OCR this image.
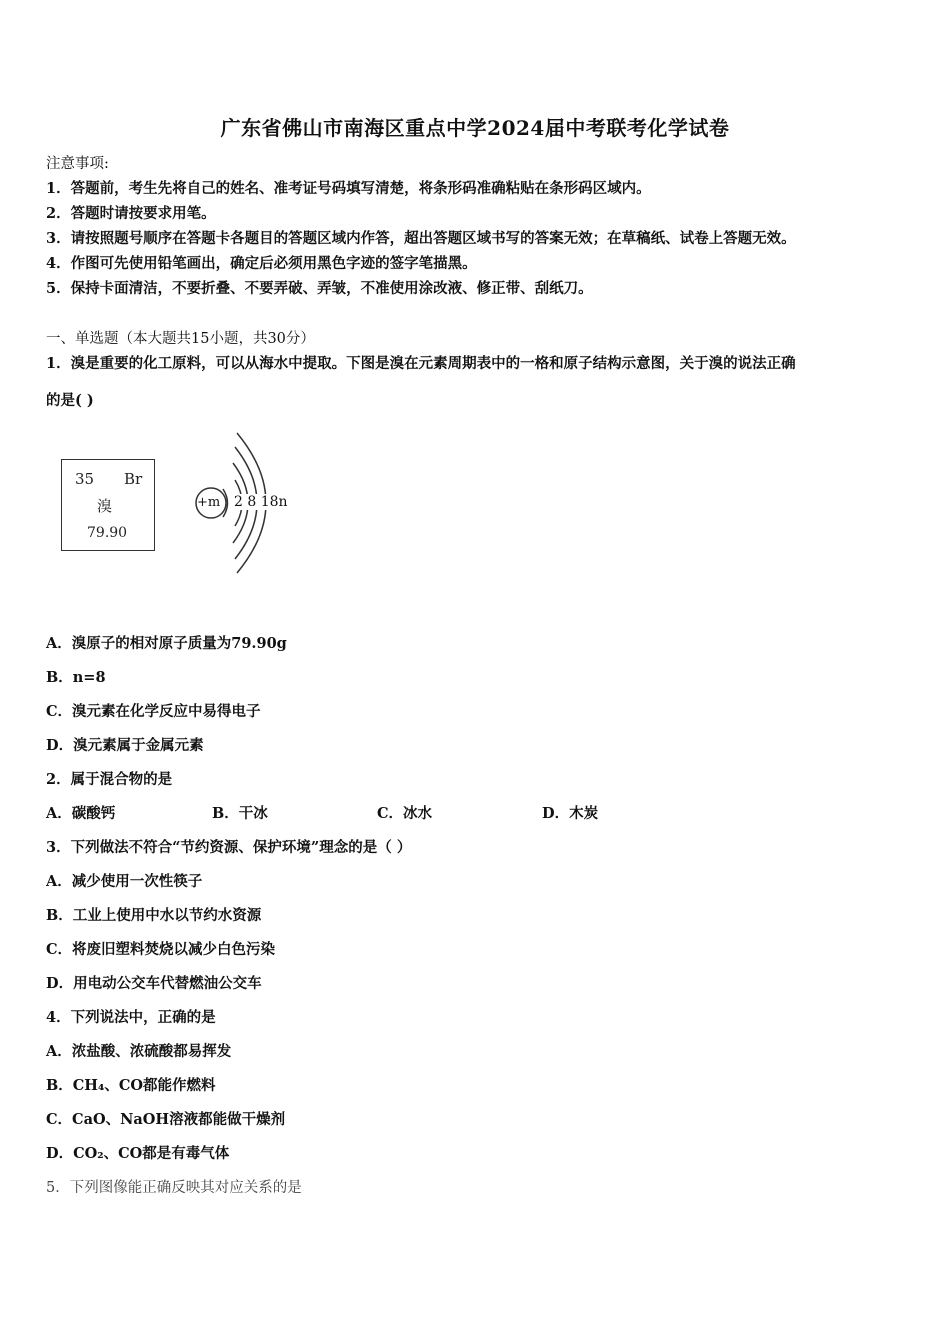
广东省佛山市南海区重点中学2024届中考联考化学试卷
注意事项:
1．答题前，考生先将自己的姓名、准考证号码填写清楚，将条形码准确粘贴在条形码区域内。
2．答题时请按要求用笔。
3．请按照题号顺序在答题卡各题目的答题区域内作答，超出答题区域书写的答案无效；在草稿纸、试卷上答题无效。
4．作图可先使用铅笔画出，确定后必须用黑色字迹的签字笔描黑。
5．保持卡面清洁，不要折叠、不要弄破、弄皱，不准使用涂改液、修正带、刮纸刀。
一、单选题（本大题共15小题，共30分）
1．溴是重要的化工原料，可以从海水中提取。下图是溴在元素周期表中的一格和原子结构示意图，关于溴的说法正确
的是( )
35 Br
溴
79.90
+m 2 8 18n
A．溴原子的相对原子质量为79.90g
B．n=8
C．溴元素在化学反应中易得电子
D．溴元素属于金属元素
2．属于混合物的是
A．碳酸钙	B．干冰	C．冰水	D．木炭
3．下列做法不符合“节约资源、保护环境”理念的是（ ）
A．减少使用一次性筷子
B．工业上使用中水以节约水资源
C．将废旧塑料焚烧以减少白色污染
D．用电动公交车代替燃油公交车
4．下列说法中，正确的是
A．浓盐酸、浓硫酸都易挥发
B．CH₄、CO都能作燃料
C．CaO、NaOH溶液都能做干燥剂
D．CO₂、CO都是有毒气体
5．下列图像能正确反映其对应关系的是
